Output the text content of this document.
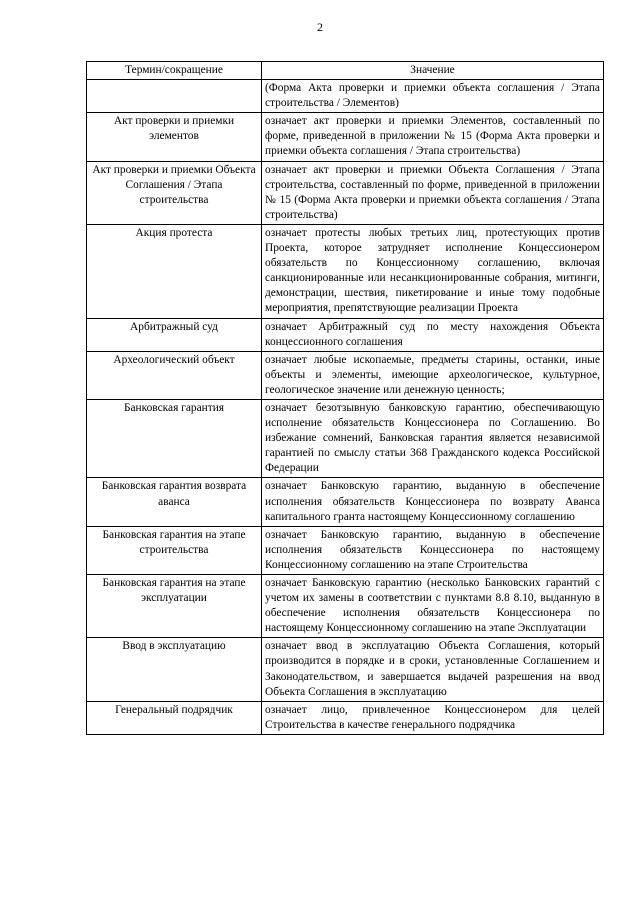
2
Термин/сокращение	Значение
	(Форма Акта проверки и приемки объекта соглашения / Этапа строительства / Элементов)
Акт проверки и приемки элементов	означает акт проверки и приемки Элементов, составленный по форме, приведенной в приложении № 15 (Форма Акта проверки и приемки объекта соглашения / Этапа строительства)
Акт проверки и приемки Объекта Соглашения / Этапа строительства	означает акт проверки и приемки Объекта Соглашения / Этапа строительства, составленный по форме, приведенной в приложении № 15 (Форма Акта проверки и приемки объекта соглашения / Этапа строительства)
Акция протеста	означает протесты любых третьих лиц, протестующих против Проекта, которое затрудняет исполнение Концессионером обязательств по Концессионному соглашению, включая санкционированные или несанкционированные собрания, митинги, демонстрации, шествия, пикетирование и иные тому подобные мероприятия, препятствующие реализации Проекта
Арбитражный суд	означает Арбитражный суд по месту нахождения Объекта концессионного соглашения
Археологический объект	означает любые ископаемые, предметы старины, останки, иные объекты и элементы, имеющие археологическое, культурное, геологическое значение или денежную ценность;
Банковская гарантия	означает безотзывную банковскую гарантию, обеспечивающую исполнение обязательств Концессионера по Соглашению. Во избежание сомнений, Банковская гарантия является независимой гарантией по смыслу статьи 368 Гражданского кодекса Российской Федерации
Банковская гарантия возврата аванса	означает Банковскую гарантию, выданную в обеспечение исполнения обязательств Концессионера по возврату Аванса капитального гранта настоящему Концессионному соглашению
Банковская гарантия на этапе строительства	означает Банковскую гарантию, выданную в обеспечение исполнения обязательств Концессионера по настоящему Концессионному соглашению на этапе Строительства
Банковская гарантия на этапе эксплуатации	означает Банковскую гарантию (несколько Банковских гарантий с учетом их замены в соответствии с пунктами 8.8 8.10, выданную в обеспечение исполнения обязательств Концессионера по настоящему Концессионному соглашению на этапе Эксплуатации
Ввод в эксплуатацию	означает ввод в эксплуатацию Объекта Соглашения, который производится в порядке и в сроки, установленные Соглашением и Законодательством, и завершается выдачей разрешения на ввод Объекта Соглашения в эксплуатацию
Генеральный подрядчик	означает лицо, привлеченное Концессионером для целей Строительства в качестве генерального подрядчика
